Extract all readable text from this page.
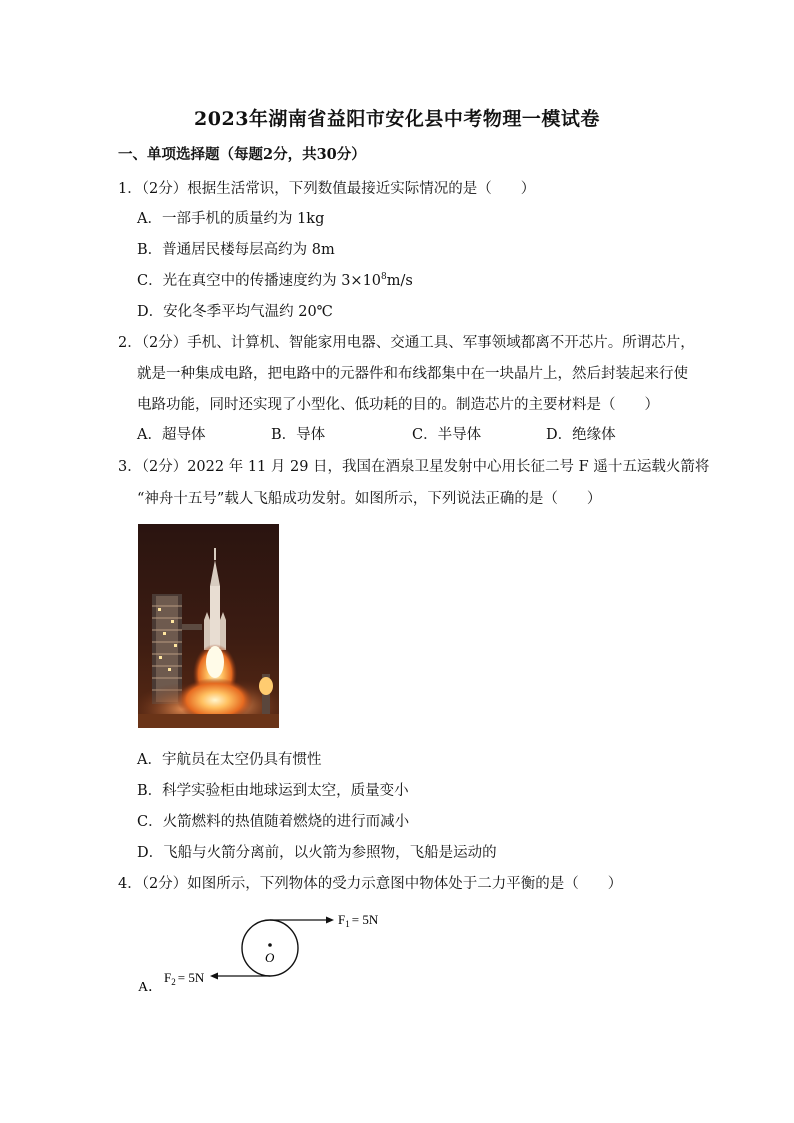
2023年湖南省益阳市安化县中考物理一模试卷
一、单项选择题（每题2分，共30分）
1．（2分）根据生活常识，下列数值最接近实际情况的是（　　）
A．一部手机的质量约为 1kg
B．普通居民楼每层高约为 8m
C．光在真空中的传播速度约为 $3\times 10^8m/s$
D．安化冬季平均气温约 20℃
2．（2分）手机、计算机、智能家用电器、交通工具、军事领域都离不开芯片。所谓芯片，
就是一种集成电路，把电路中的元器件和布线都集中在一块晶片上，然后封装起来行使
电路功能，同时还实现了小型化、低功耗的目的。制造芯片的主要材料是（　　）
A．超导体	B．导体	C．半导体	D．绝缘体
3．（2分）2022 年 11 月 29 日，我国在酒泉卫星发射中心用长征二号 F 遥十五运载火箭将
“神舟十五号”载人飞船成功发射。如图所示，下列说法正确的是（　　）
A．宇航员在太空仍具有惯性
B．科学实验柜由地球运到太空，质量变小
C．火箭燃料的热值随着燃烧的进行而减小
D．飞船与火箭分离前，以火箭为参照物，飞船是运动的
4．（2分）如图所示，下列物体的受力示意图中物体处于二力平衡的是（　　）
O
$F_1 = 5N$
$F_2 = 5N$
A．
